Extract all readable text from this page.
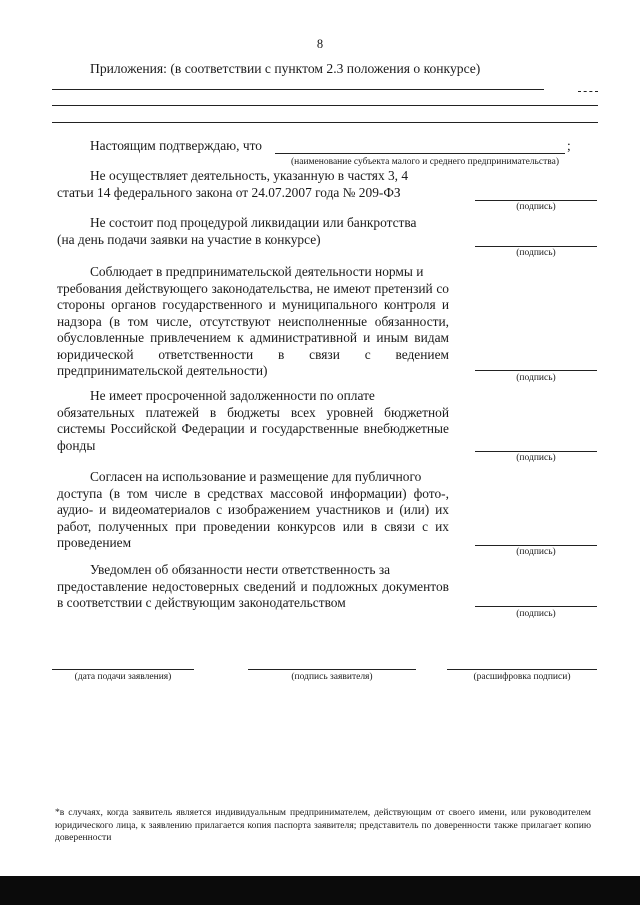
8
Приложения: (в соответствии с пунктом 2.3 положения о конкурсе)
Настоящим подтверждаю, что	;
(наименование субъекта малого и среднего предпринимательства)
Не осуществляет деятельность, указанную в частях 3, 4
статьи 14 федерального закона от 24.07.2007 года № 209-ФЗ
(подпись)
Не состоит под процедурой ликвидации или банкротства
(на день подачи заявки на участие в конкурсе)
(подпись)
Соблюдает в предпринимательской деятельности нормы и
требования действующего законодательства, не имеют претензий со стороны органов государственного и муниципального контроля и надзора (в том числе, отсутствуют неисполненные обязанности, обусловленные привлечением к административной и иным видам юридической ответственности в связи с ведением предпринимательской деятельности)	(подпись)
Не имеет просроченной задолженности по оплате
обязательных платежей в бюджеты всех уровней бюджетной системы Российской Федерации и государственные внебюджетные фонды
(подпись)
Согласен на использование и размещение для публичного
доступа (в том числе в средствах массовой информации) фото-, аудио- и видеоматериалов с изображением участников и (или) их работ, полученных при проведении конкурсов или в связи с их проведением
(подпись)
Уведомлен об обязанности нести ответственность за
предоставление недостоверных сведений и подложных документов в соответствии с действующим законодательством
(подпись)
(дата подачи заявления)	(подпись заявителя)	(расшифровка подписи)
*в случаях, когда заявитель является индивидуальным предпринимателем, действующим от своего имени, или руководителем юридического лица, к заявлению прилагается копия паспорта заявителя; представитель по доверенности также прилагает копию доверенности
